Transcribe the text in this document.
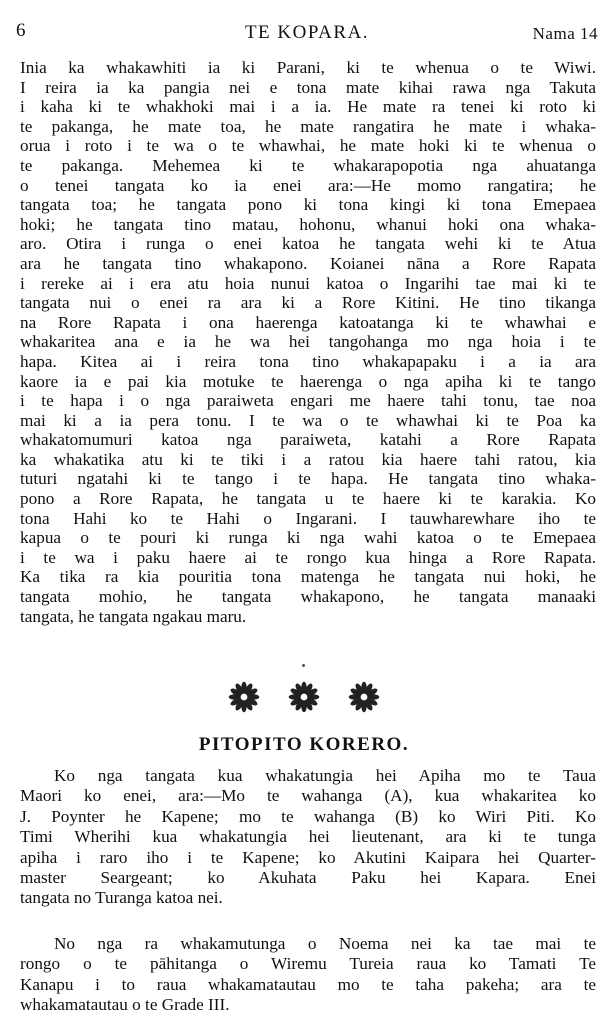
6	TE KOPARA.	Nama 14
Inia ka whakawhiti ia ki Parani, ki te whenua o te Wiwi.
I reira ia ka pangia nei e tona mate kihai rawa nga Takuta
i kaha ki te whakhoki mai i a ia. He mate ra tenei ki roto ki
te pakanga, he mate toa, he mate rangatira he mate i whaka-
orua i roto i te wa o te whawhai, he mate hoki ki te whenua o
te pakanga. Mehemea ki te whakarapopotia nga ahuatanga
o tenei tangata ko ia enei ara:—He momo rangatira; he
tangata toa; he tangata pono ki tona kingi ki tona Emepaea
hoki; he tangata tino matau, hohonu, whanui hoki ona whaka-
aro. Otira i runga o enei katoa he tangata wehi ki te Atua
ara he tangata tino whakapono. Koianei nāna a Rore Rapata
i rereke ai i era atu hoia nunui katoa o Ingarihi tae mai ki te
tangata nui o enei ra ara ki a Rore Kitini. He tino tikanga
na Rore Rapata i ona haerenga katoatanga ki te whawhai e
whakaritea ana e ia he wa hei tangohanga mo nga hoia i te
hapa. Kitea ai i reira tona tino whakapapaku i a ia ara
kaore ia e pai kia motuke te haerenga o nga apiha ki te tango
i te hapa i o nga paraiweta engari me haere tahi tonu, tae noa
mai ki a ia pera tonu. I te wa o te whawhai ki te Poa ka
whakatomumuri katoa nga paraiweta, katahi a Rore Rapata
ka whakatika atu ki te tiki i a ratou kia haere tahi ratou, kia
tuturi ngatahi ki te tango i te hapa. He tangata tino whaka-
pono a Rore Rapata, he tangata u te haere ki te karakia. Ko
tona Hahi ko te Hahi o Ingarani. I tauwharewhare iho te
kapua o te pouri ki runga ki nga wahi katoa o te Emepaea
i te wa i paku haere ai te rongo kua hinga a Rore Rapata.
Ka tika ra kia pouritia tona matenga he tangata nui hoki, he
tangata mohio, he tangata whakapono, he tangata manaaki
tangata, he tangata ngakau maru.
PITOPITO KORERO.
Ko nga tangata kua whakatungia hei Apiha mo te Taua
Maori ko enei, ara:—Mo te wahanga (A), kua whakaritea ko
J. Poynter he Kapene; mo te wahanga (B) ko Wiri Piti. Ko
Timi Wherihi kua whakatungia hei lieutenant, ara ki te tunga
apiha i raro iho i te Kapene; ko Akutini Kaipara hei Quarter-
master Seargeant; ko Akuhata Paku hei Kapara. Enei
tangata no Turanga katoa nei.
No nga ra whakamutunga o Noema nei ka tae mai te
rongo o te pāhitanga o Wiremu Tureia raua ko Tamati Te
Kanapu i to raua whakamatautau mo te taha pakeha; ara te
whakamatautau o te Grade III.
